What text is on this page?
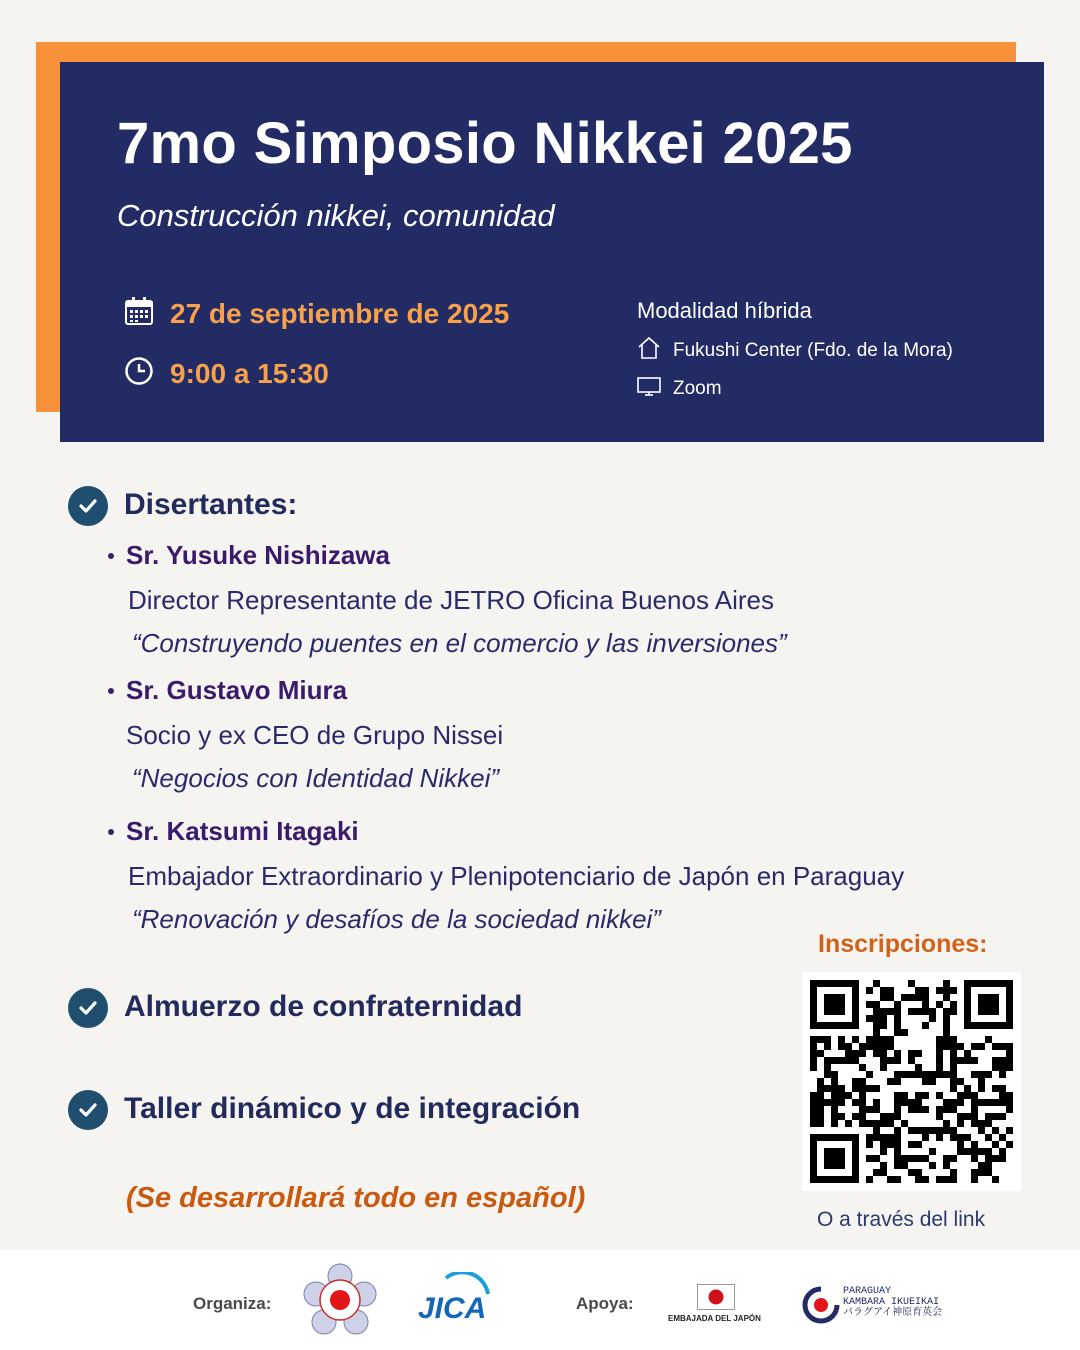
7mo Simposio Nikkei 2025
Construcción nikkei, comunidad
27 de septiembre de 2025
9:00 a 15:30
Modalidad híbrida
Fukushi Center (Fdo. de la Mora)
Zoom
Disertantes:
Sr. Yusuke Nishizawa
Director Representante de JETRO Oficina Buenos Aires
“Construyendo puentes en el comercio y las inversiones”
Sr. Gustavo Miura
Socio y ex CEO de Grupo Nissei
“Negocios con Identidad Nikkei”
Sr. Katsumi Itagaki
Embajador Extraordinario y Plenipotenciario de Japón en Paraguay
“Renovación y desafíos de la sociedad nikkei”
Almuerzo de confraternidad
Taller dinámico y de integración
(Se desarrollará todo en español)
Inscripciones:
O a través del link
Organiza:	JICA	Apoya:
EMBAJADA DEL JAPÓN
PARAGUAY
KAMBARA IKUEIKAI
パラグアイ神原育英会
